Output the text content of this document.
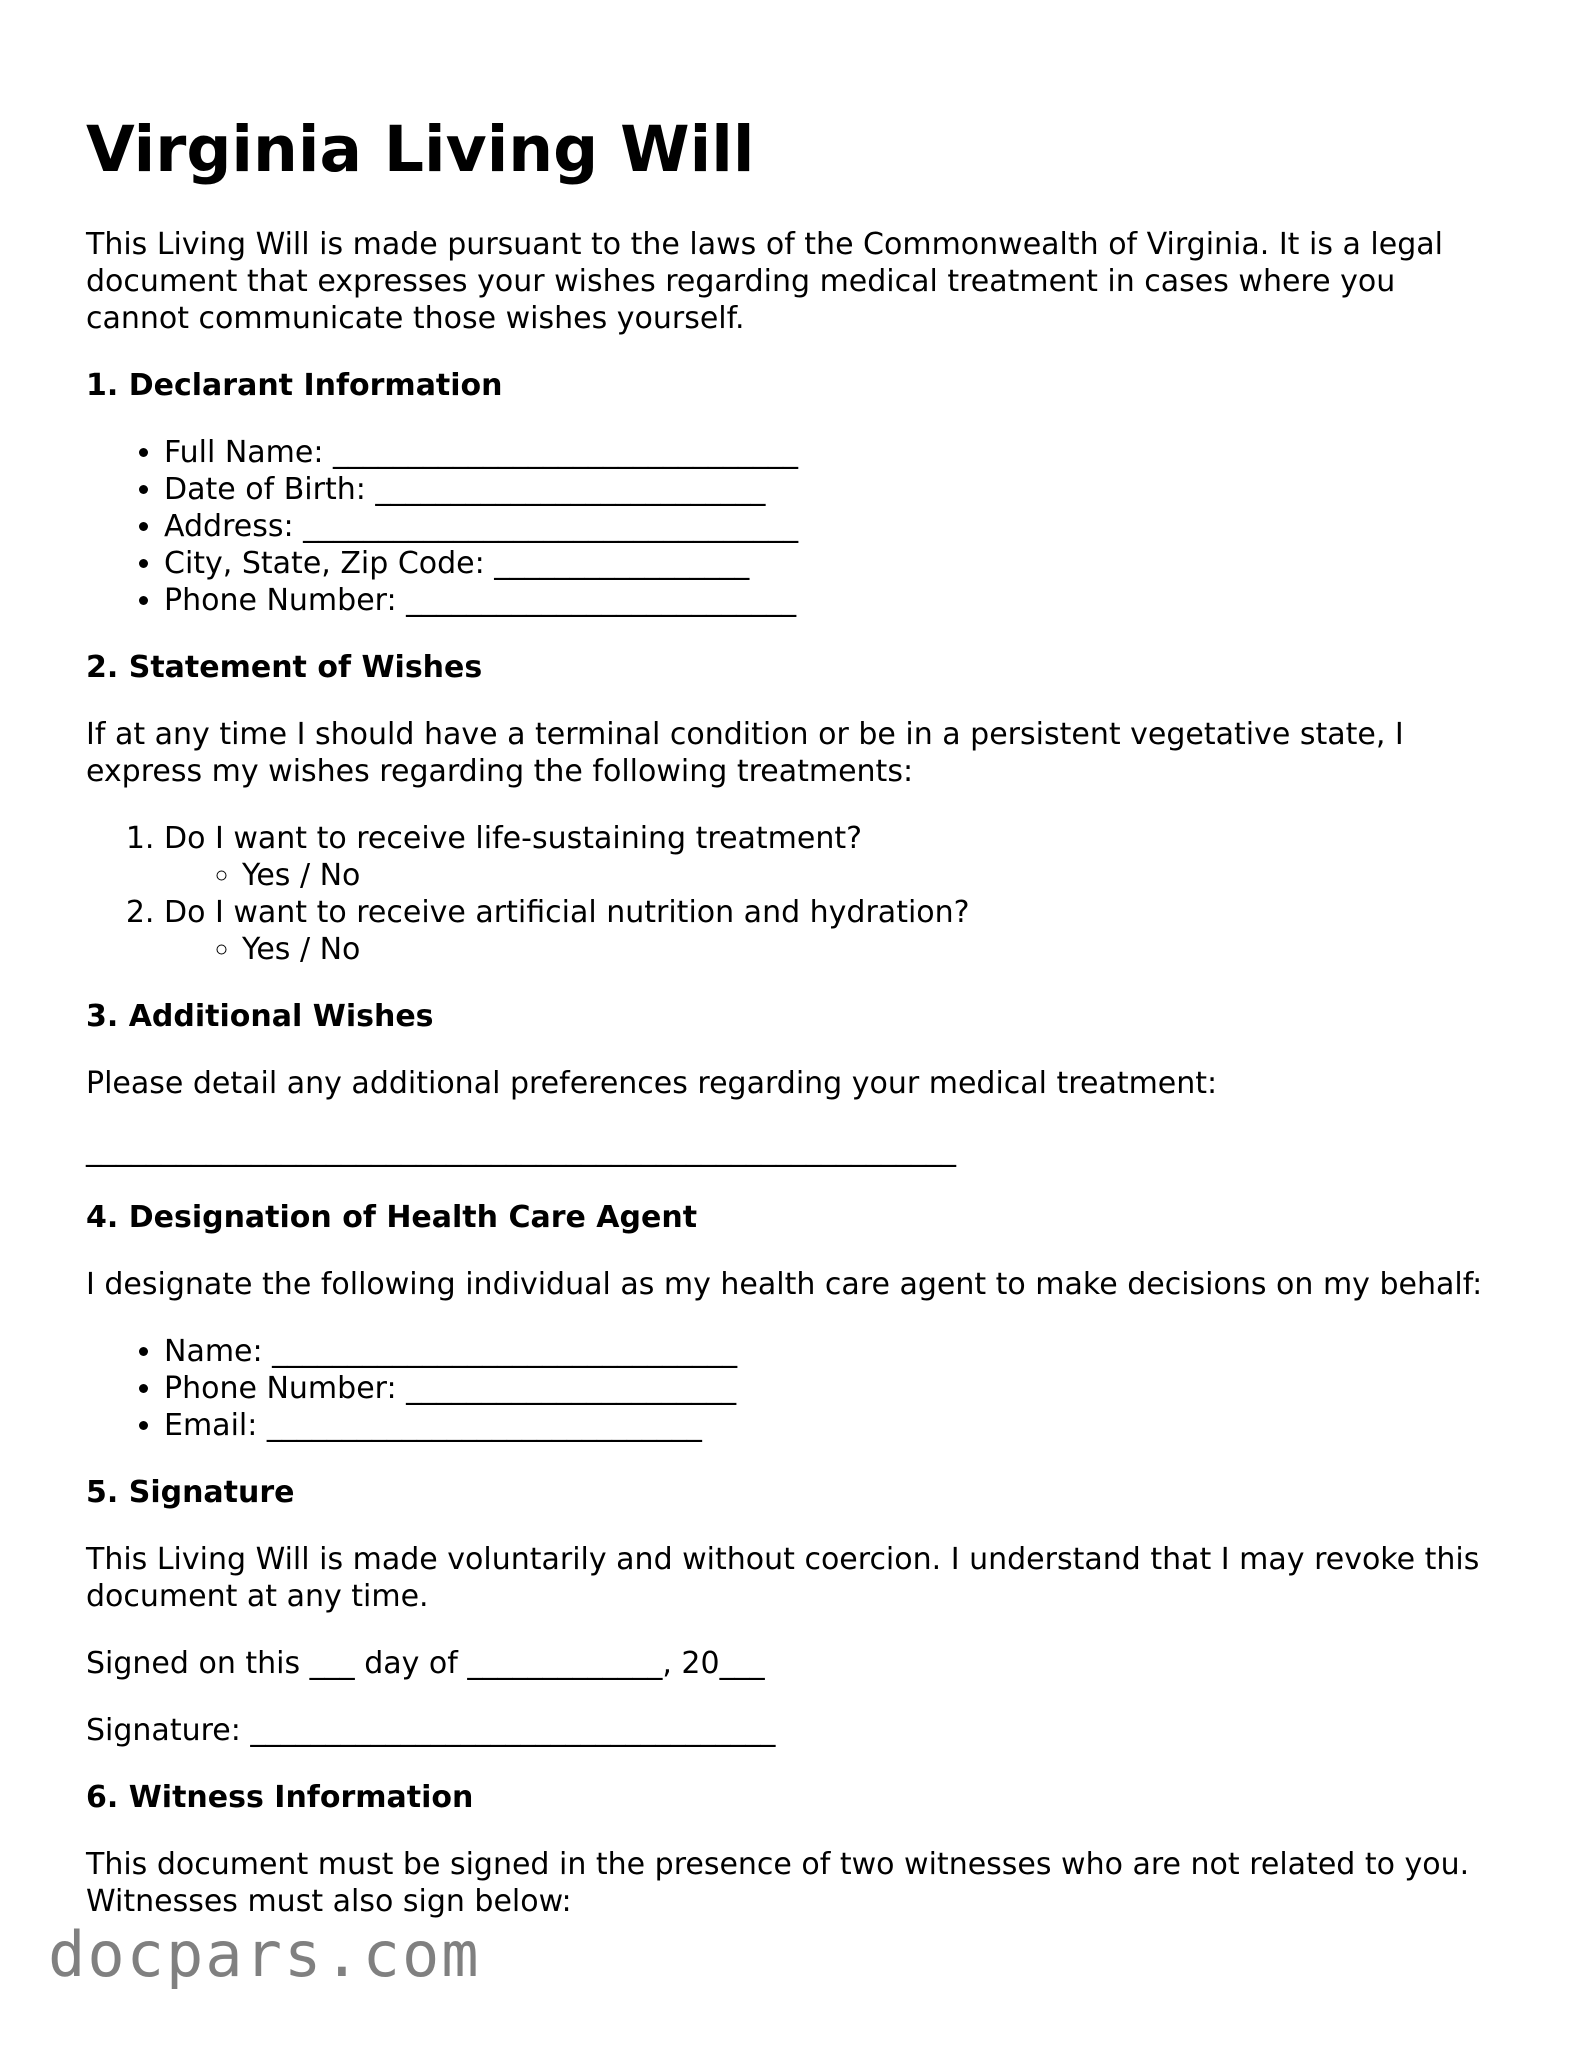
Virginia Living Will

This Living Will is made pursuant to the laws of the Commonwealth of Virginia. It is a legal document that expresses your wishes regarding medical treatment in cases where you cannot communicate those wishes yourself.

1. Declarant Information
• Full Name: _______________________________
• Date of Birth: __________________________
• Address: _________________________________
• City, State, Zip Code: _________________
• Phone Number: __________________________
2. Statement of Wishes

If at any time I should have a terminal condition or be in a persistent vegetative state, I express my wishes regarding the following treatments:

1. Do I want to receive life-sustaining treatment?
◦ Yes / No
2. Do I want to receive artificial nutrition and hydration?
◦ Yes / No
3. Additional Wishes

Please detail any additional preferences regarding your medical treatment:

__________________________________________________________
4. Designation of Health Care Agent

I designate the following individual as my health care agent to make decisions on my behalf:

• Name: _______________________________
• Phone Number: ______________________
• Email: _____________________________
5. Signature

This Living Will is made voluntarily and without coercion. I understand that I may revoke this document at any time.

Signed on this ___ day of _____________, 20___

Signature: ___________________________________

6. Witness Information

This document must be signed in the presence of two witnesses who are not related to you. Witnesses must also sign below:

docpars.com
